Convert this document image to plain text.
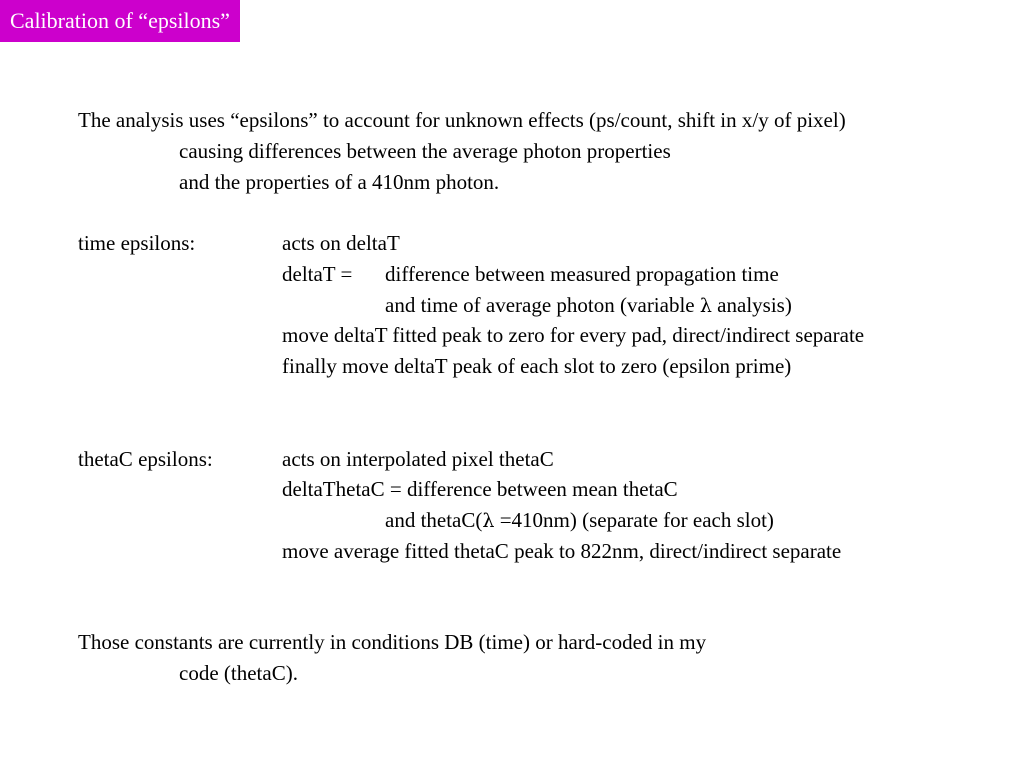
Calibration of “epsilons”
The analysis uses “epsilons” to account for unknown effects (ps/count, shift in x/y of pixel)
causing differences between the average photon properties
and the properties of a 410nm photon.
time epsilons:	acts on deltaT
deltaT = difference between measured propagation time
and time of average photon (variable λ analysis)
move deltaT fitted peak to zero for every pad, direct/indirect separate
finally move deltaT peak of each slot to zero (epsilon prime)
thetaC epsilons:	acts on interpolated pixel thetaC
deltaThetaC = difference between mean thetaC
and thetaC(λ =410nm) (separate for each slot)
move average fitted thetaC peak to 822nm, direct/indirect separate
Those constants are currently in conditions DB (time) or hard-coded in my
code (thetaC).
